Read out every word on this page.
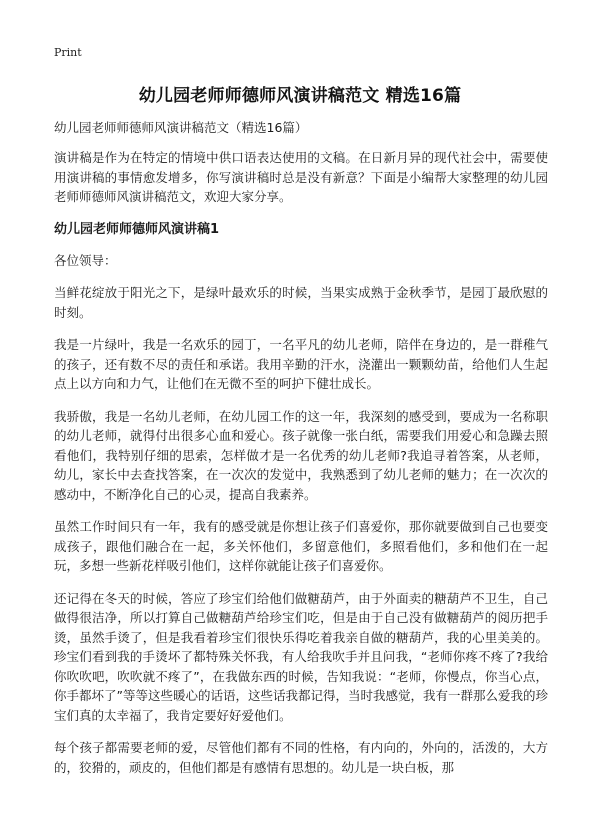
Print
幼儿园老师师德师风演讲稿范文 精选16篇
幼儿园老师师德师风演讲稿范文（精选16篇）

演讲稿是作为在特定的情境中供口语表达使用的文稿。在日新月异的现代社会中，需要使用演讲稿的事情愈发增多，你写演讲稿时总是没有新意？下面是小编帮大家整理的幼儿园老师师德师风演讲稿范文，欢迎大家分享。

幼儿园老师师德师风演讲稿1
各位领导：

当鲜花绽放于阳光之下，是绿叶最欢乐的时候，当果实成熟于金秋季节，是园丁最欣慰的时刻。

我是一片绿叶，我是一名欢乐的园丁，一名平凡的幼儿老师，陪伴在身边的，是一群稚气的孩子，还有数不尽的责任和承诺。我用辛勤的汗水，浇灌出一颗颗幼苗，给他们人生起点上以方向和力气，让他们在无微不至的呵护下健壮成长。

我骄傲，我是一名幼儿老师，在幼儿园工作的这一年，我深刻的感受到，要成为一名称职的幼儿老师，就得付出很多心血和爱心。孩子就像一张白纸，需要我们用爱心和急躁去照看他们，我特别仔细的思索，怎样做才是一名优秀的幼儿老师?我追寻着答案，从老师，幼儿，家长中去查找答案，在一次次的发觉中，我熟悉到了幼儿老师的魅力；在一次次的感动中，不断净化自己的心灵，提高自我素养。

虽然工作时间只有一年，我有的感受就是你想让孩子们喜爱你，那你就要做到自己也要变成孩子，跟他们融合在一起，多关怀他们，多留意他们，多照看他们，多和他们在一起玩，多想一些新花样吸引他们，这样你就能让孩子们喜爱你。

还记得在冬天的时候，答应了珍宝们给他们做糖葫芦，由于外面卖的糖葫芦不卫生，自己做得很洁净，所以打算自己做糖葫芦给珍宝们吃，但是由于自己没有做糖葫芦的阅历把手烫，虽然手烫了，但是我看着珍宝们很快乐得吃着我亲自做的糖葫芦，我的心里美美的。珍宝们看到我的手烫坏了都特殊关怀我，有人给我吹手并且问我，“老师你疼不疼了?我给你吹吹吧，吹吹就不疼了”，在我做东西的时候，告知我说：“老师，你慢点，你当心点，你手都坏了”等等这些暖心的话语，这些话我都记得，当时我感觉，我有一群那么爱我的珍宝们真的太幸福了，我肯定要好好爱他们。

每个孩子都需要老师的爱，尽管他们都有不同的性格，有内向的，外向的，活泼的，大方的，狡猾的，顽皮的，但他们都是有感情有思想的。幼儿是一块白板，那
